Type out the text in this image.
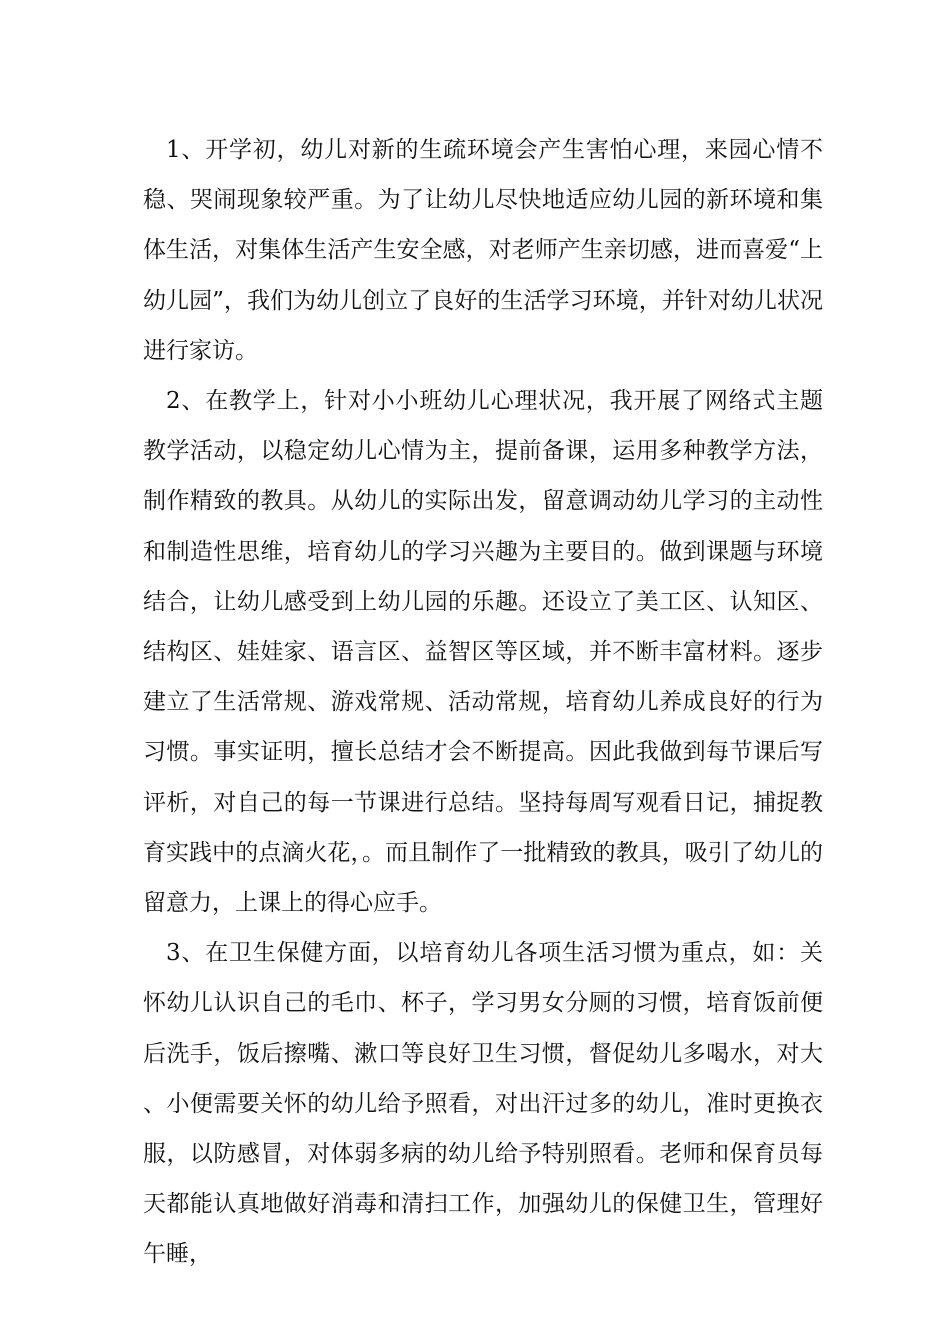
1、开学初，幼儿对新的生疏环境会产生害怕心理，来园心情不稳、哭闹现象较严重。为了让幼儿尽快地适应幼儿园的新环境和集体生活，对集体生活产生安全感，对老师产生亲切感，进而喜爱“上幼儿园”，我们为幼儿创立了良好的生活学习环境，并针对幼儿状况进行家访。

2、在教学上，针对小小班幼儿心理状况，我开展了网络式主题教学活动，以稳定幼儿心情为主，提前备课，运用多种教学方法，制作精致的教具。从幼儿的实际出发，留意调动幼儿学习的主动性和制造性思维，培育幼儿的学习兴趣为主要目的。做到课题与环境结合，让幼儿感受到上幼儿园的乐趣。还设立了美工区、认知区、结构区、娃娃家、语言区、益智区等区域，并不断丰富材料。逐步建立了生活常规、游戏常规、活动常规，培育幼儿养成良好的行为习惯。事实证明，擅长总结才会不断提高。因此我做到每节课后写评析，对自己的每一节课进行总结。坚持每周写观看日记，捕捉教育实践中的点滴火花，。而且制作了一批精致的教具，吸引了幼儿的留意力，上课上的得心应手。

3、在卫生保健方面，以培育幼儿各项生活习惯为重点，如：关怀幼儿认识自己的毛巾、杯子，学习男女分厕的习惯，培育饭前便后洗手，饭后擦嘴、漱口等良好卫生习惯，督促幼儿多喝水，对大、小便需要关怀的幼儿给予照看，对出汗过多的幼儿，准时更换衣服，以防感冒，对体弱多病的幼儿给予特别照看。老师和保育员每天都能认真地做好消毒和清扫工作，加强幼儿的保健卫生，管理好午睡，
